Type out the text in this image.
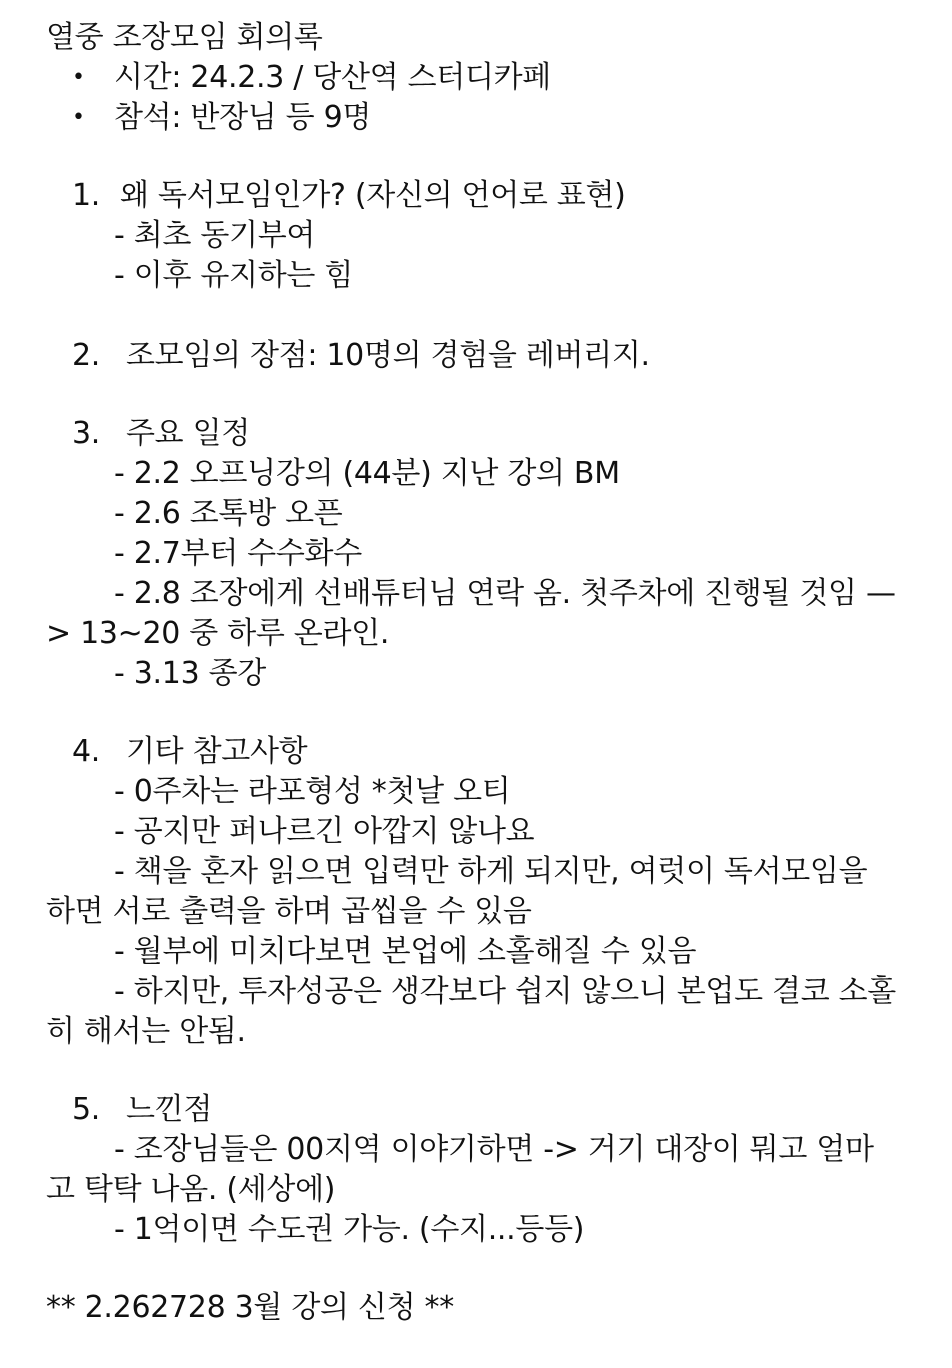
열중 조장모임 회의록
• 시간: 24.2.3 / 당산역 스터디카페
• 참석: 반장님 등 9명
1. 왜 독서모임인가? (자신의 언어로 표현)
- 최초 동기부여
- 이후 유지하는 힘
2. 조모임의 장점: 10명의 경험을 레버리지.
3. 주요 일정
- 2.2 오프닝강의 (44분) 지난 강의 BM
- 2.6 조톡방 오픈
- 2.7부터 수수화수
- 2.8 조장에게 선배튜터님 연락 옴. 첫주차에 진행될 것임 —
> 13~20 중 하루 온라인.
- 3.13 종강
4. 기타 참고사항
- 0주차는 라포형성 *첫날 오티
- 공지만 퍼나르긴 아깝지 않나요
- 책을 혼자 읽으면 입력만 하게 되지만, 여럿이 독서모임을
하면 서로 출력을 하며 곱씹을 수 있음
- 월부에 미치다보면 본업에 소홀해질 수 있음
- 하지만, 투자성공은 생각보다 쉽지 않으니 본업도 결코 소홀
히 해서는 안됨.
5. 느낀점
- 조장님들은 00지역 이야기하면 -> 거기 대장이 뭐고 얼마
고 탁탁 나옴. (세상에)
- 1억이면 수도권 가능. (수지...등등)
** 2.262728 3월 강의 신청 **
